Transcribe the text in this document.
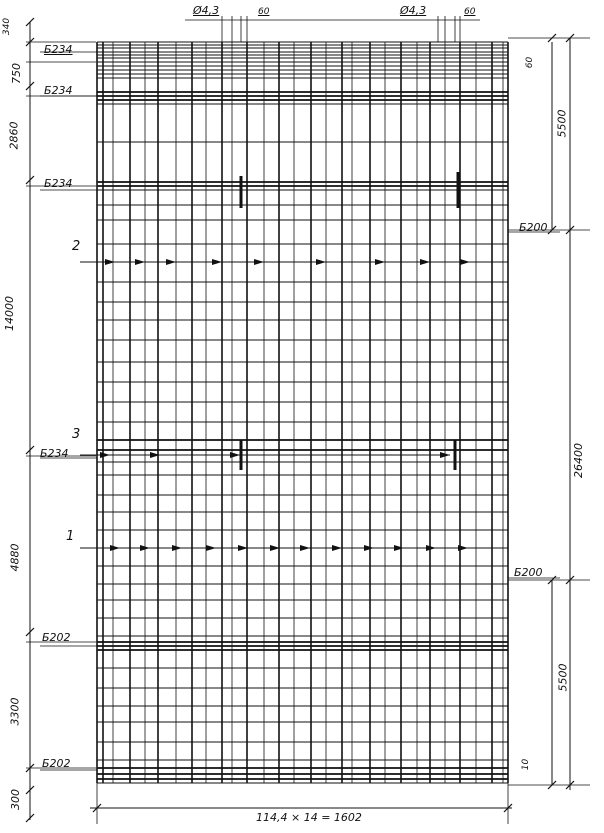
Ø4,3	60	Ø4,3	60
340
750
2860
14000
4880
3300
300
Б234
Б234
Б234
Б234
Б202
Б202
Б200
Б200
2
3
1
5500
26400
5500
60
10
114,4 × 14 = 1602
